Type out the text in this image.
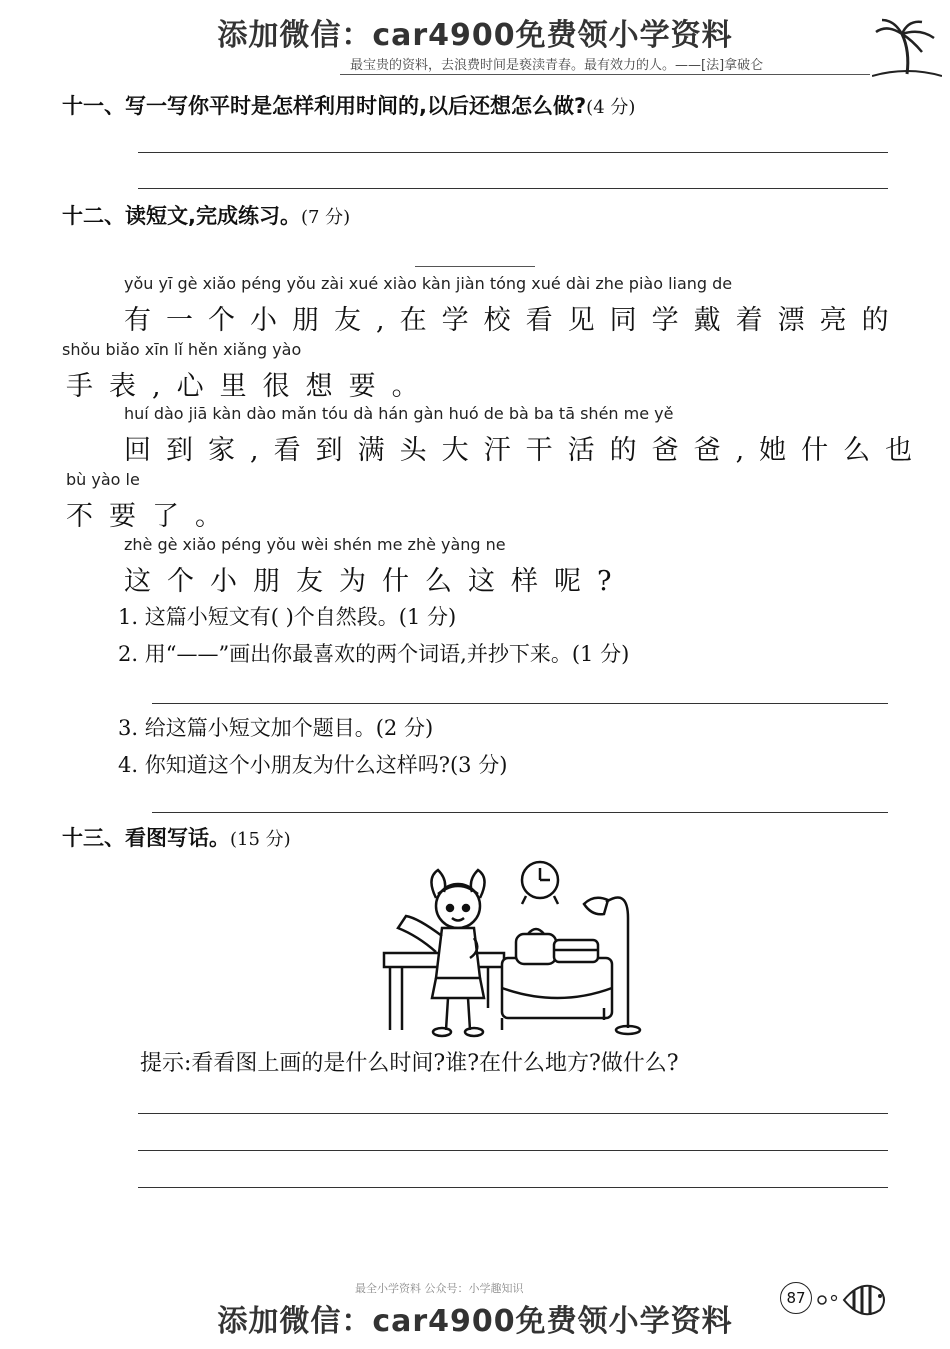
添加微信：car4900免费领小学资料
最宝贵的资料，去浪费时间是亵渎青春。最有效力的人。——[法]拿破仑
十一、写一写你平时是怎样利用时间的,以后还想怎么做?(4 分)
十二、读短文,完成练习。(7 分)
yǒu yī gè xiǎo péng yǒu zài xué xiào kàn jiàn tóng xué dài zhe piào liang de
有一个小朋友,在学校看见同学戴着漂亮的
shǒu biǎo xīn lǐ hěn xiǎng yào
手表,心里很想要。
huí dào jiā kàn dào mǎn tóu dà hán gàn huó de bà ba tā shén me yě
回到家,看到满头大汗干活的爸爸,她什么也
bù yào le
不要了。
zhè gè xiǎo péng yǒu wèi shén me zhè yàng ne
这个小朋友为什么这样呢?
1. 这篇小短文有( )个自然段。(1 分)
2. 用“——”画出你最喜欢的两个词语,并抄下来。(1 分)
3. 给这篇小短文加个题目。(2 分)
4. 你知道这个小朋友为什么这样吗?(3 分)
十三、看图写话。(15 分)
提示:看看图上画的是什么时间?谁?在什么地方?做什么?
最全小学资料 公众号：小学趣知识
87
添加微信：car4900免费领小学资料
